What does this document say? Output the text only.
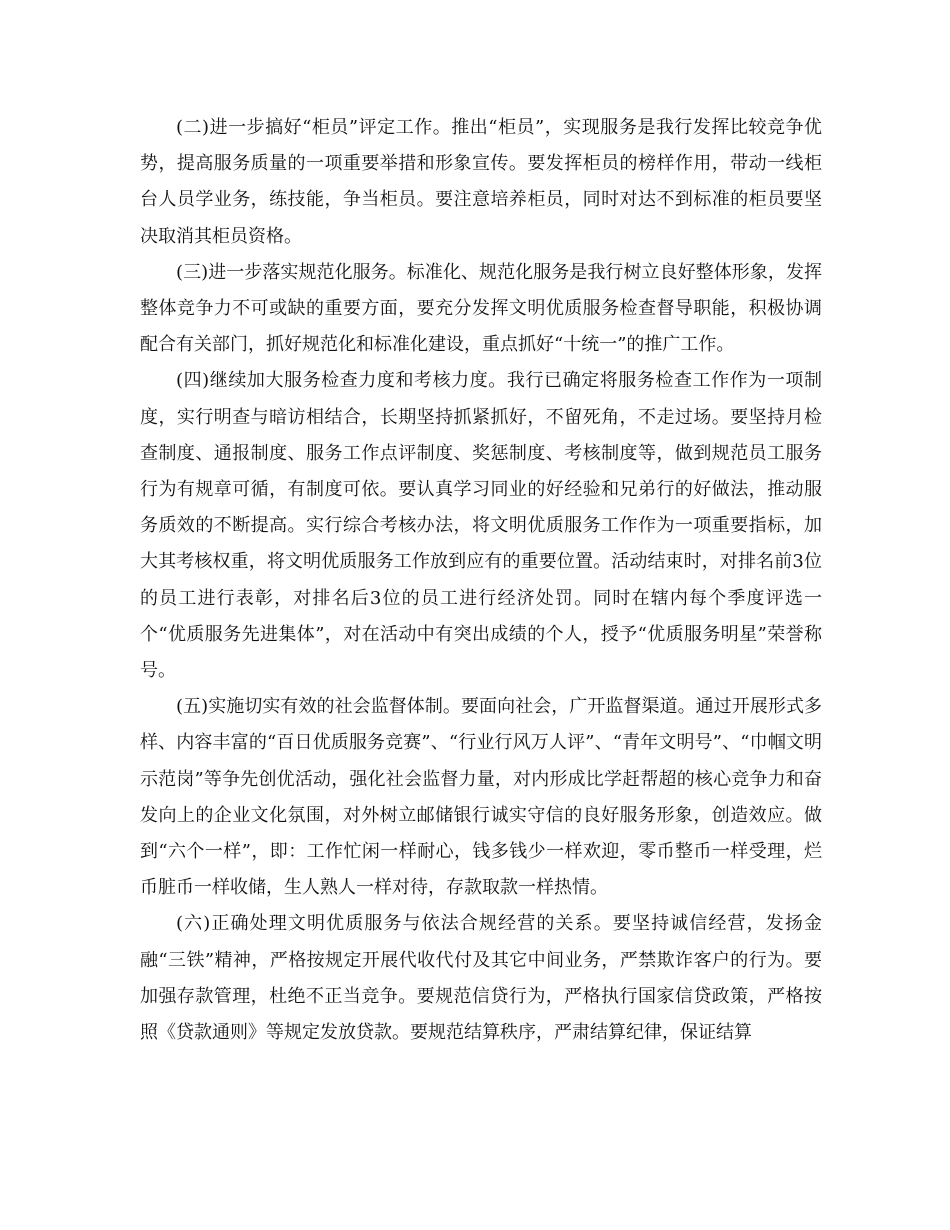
(二)进一步搞好“柜员”评定工作。推出“柜员”，实现服务是我行发挥比较竞争优势，提高服务质量的一项重要举措和形象宣传。要发挥柜员的榜样作用，带动一线柜台人员学业务，练技能，争当柜员。要注意培养柜员，同时对达不到标准的柜员要坚决取消其柜员资格。

(三)进一步落实规范化服务。标准化、规范化服务是我行树立良好整体形象，发挥整体竞争力不可或缺的重要方面，要充分发挥文明优质服务检查督导职能，积极协调配合有关部门，抓好规范化和标准化建设，重点抓好“十统一”的推广工作。

(四)继续加大服务检查力度和考核力度。我行已确定将服务检查工作作为一项制度，实行明查与暗访相结合，长期坚持抓紧抓好，不留死角，不走过场。要坚持月检查制度、通报制度、服务工作点评制度、奖惩制度、考核制度等，做到规范员工服务行为有规章可循，有制度可依。要认真学习同业的好经验和兄弟行的好做法，推动服务质效的不断提高。实行综合考核办法，将文明优质服务工作作为一项重要指标，加大其考核权重，将文明优质服务工作放到应有的重要位置。活动结束时，对排名前3位的员工进行表彰，对排名后3位的员工进行经济处罚。同时在辖内每个季度评选一个“优质服务先进集体”，对在活动中有突出成绩的个人，授予“优质服务明星”荣誉称号。

(五)实施切实有效的社会监督体制。要面向社会，广开监督渠道。通过开展形式多样、内容丰富的“百日优质服务竞赛”、“行业行风万人评”、“青年文明号”、“巾帼文明示范岗”等争先创优活动，强化社会监督力量，对内形成比学赶帮超的核心竞争力和奋发向上的企业文化氛围，对外树立邮储银行诚实守信的良好服务形象，创造效应。做到“六个一样”，即：工作忙闲一样耐心，钱多钱少一样欢迎，零币整币一样受理，烂币脏币一样收储，生人熟人一样对待，存款取款一样热情。

(六)正确处理文明优质服务与依法合规经营的关系。要坚持诚信经营，发扬金融“三铁”精神，严格按规定开展代收代付及其它中间业务，严禁欺诈客户的行为。要加强存款管理，杜绝不正当竞争。要规范信贷行为，严格执行国家信贷政策，严格按照《贷款通则》等规定发放贷款。要规范结算秩序，严肃结算纪律，保证结算
